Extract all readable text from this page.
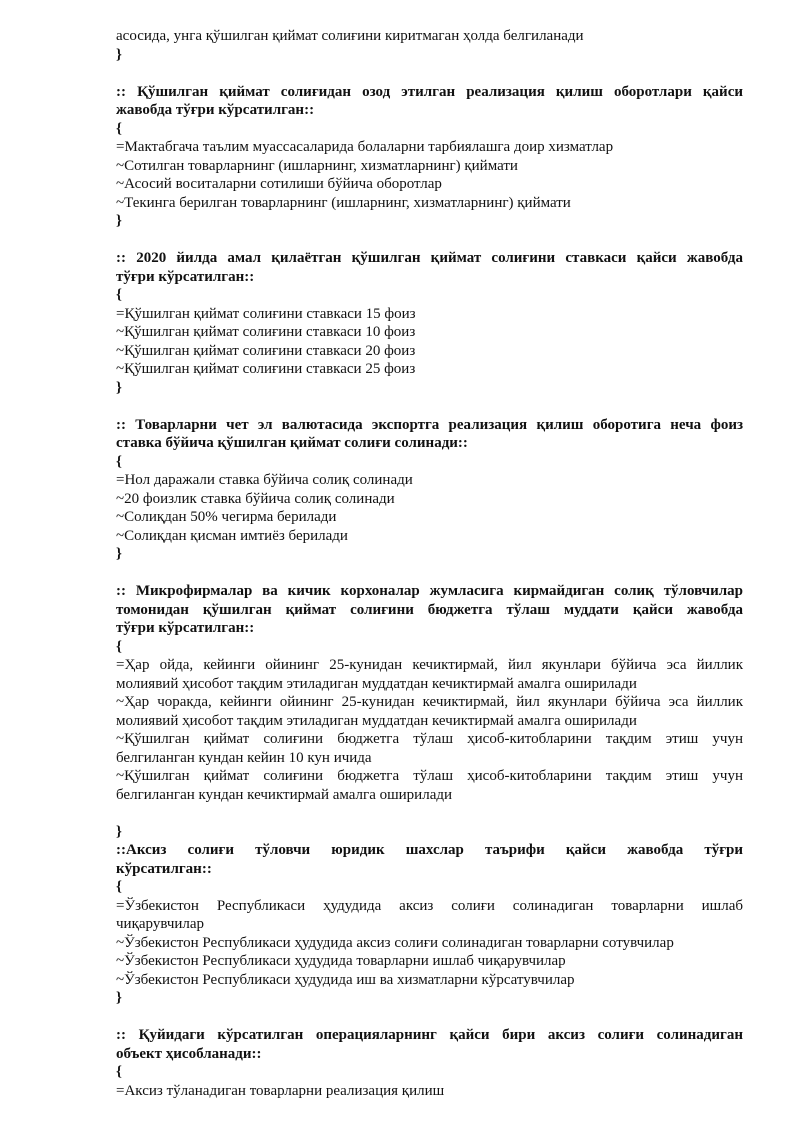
асосида, унга қўшилган қиймат солиғини киритмаган ҳолда белгиланади
}
:: Қўшилган қиймат солиғидан озод этилган реализация қилиш оборотлари қайси
жавобда тўғри кўрсатилган::
{
=Мактабгача таълим муассасаларида болаларни тарбиялашга доир хизматлар
~Сотилган товарларнинг (ишларнинг, хизматларнинг) қиймати
~Асосий воситаларни сотилиши бўйича оборотлар
~Текинга берилган товарларнинг (ишларнинг, хизматларнинг) қиймати
}
:: 2020 йилда амал қилаётган қўшилган қиймат солиғини ставкаси қайси жавобда
тўғри кўрсатилган::
{
=Қўшилган қиймат солиғини ставкаси 15 фоиз
~Қўшилган қиймат солиғини ставкаси 10 фоиз
~Қўшилган қиймат солиғини ставкаси 20 фоиз
~Қўшилган қиймат солиғини ставкаси 25 фоиз
}
:: Товарларни чет эл валютасида экспортга реализация қилиш оборотига неча фоиз
ставка бўйича қўшилган қиймат солиғи солинади::
{
=Нол даражали ставка бўйича солиқ солинади
~20 фоизлик ставка бўйича солиқ солинади
~Солиқдан 50% чегирма берилади
~Солиқдан қисман имтиёз берилади
}
:: Микрофирмалар ва кичик корхоналар жумласига кирмайдиган солиқ тўловчилар
томонидан қўшилган қиймат солиғини бюджетга тўлаш муддати қайси жавобда
тўғри кўрсатилган::
{
=Ҳар ойда, кейинги ойининг 25-кунидан кечиктирмай, йил якунлари бўйича эса йиллик
молиявий ҳисобот тақдим этиладиган муддатдан кечиктирмай амалга оширилади
~Ҳар чоракда, кейинги ойининг 25-кунидан кечиктирмай, йил якунлари бўйича эса йиллик
молиявий ҳисобот тақдим этиладиган муддатдан кечиктирмай амалга оширилади
~Қўшилган қиймат солиғини бюджетга тўлаш ҳисоб-китобларини тақдим этиш учун
белгиланган кундан кейин 10 кун ичида
~Қўшилган қиймат солиғини бюджетга тўлаш ҳисоб-китобларини тақдим этиш учун
белгиланган кундан кечиктирмай амалга оширилади
}
::Аксиз солиғи тўловчи юридик шахслар таърифи қайси жавобда тўғри
кўрсатилган::
{
=Ўзбекистон Республикаси ҳудудида аксиз солиғи солинадиган товарларни ишлаб
чиқарувчилар
~Ўзбекистон Республикаси ҳудудида аксиз солиғи солинадиган товарларни сотувчилар
~Ўзбекистон Республикаси ҳудудида товарларни ишлаб чиқарувчилар
~Ўзбекистон Республикаси ҳудудида иш ва хизматларни кўрсатувчилар
}
:: Қуйидаги кўрсатилган операцияларнинг қайси бири аксиз солиғи солинадиган
объект ҳисобланади::
{
=Аксиз тўланадиган товарларни реализация қилиш
